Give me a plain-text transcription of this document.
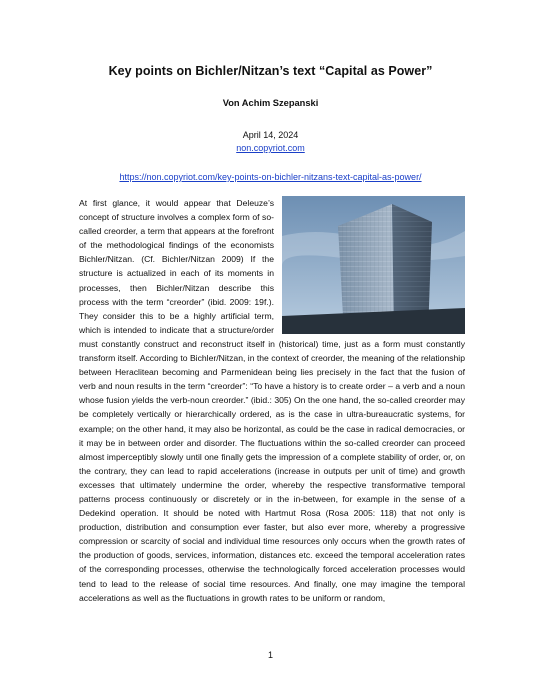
Key points on Bichler/Nitzan’s text “Capital as Power”
Von Achim Szepanski
April 14, 2024
non.copyriot.com
https://non.copyriot.com/key-points-on-bichler-nitzans-text-capital-as-power/

At first glance, it would appear that Deleuze’s concept of structure involves a complex form of so-called creorder, a term that appears at the forefront of the methodological findings of the economists Bichler/Nitzan. (Cf. Bichler/Nitzan 2009) If the structure is actualized in each of its moments in processes, then Bichler/Nitzan describe this process with the term “creorder” (ibid. 2009: 19f.). They consider this to be a highly artificial term, which is intended to indicate that a structure/order must constantly construct and reconstruct itself in (historical) time, just as a form must constantly transform itself. According to Bichler/Nitzan, in the context of creorder, the meaning of the relationship between Heraclitean becoming and Parmenidean being lies precisely in the fact that the fusion of verb and noun results in the term “creorder”: “To have a history is to create order – a verb and a noun whose fusion yields the verb-noun creorder.” (ibid.: 305) On the one hand, the so-called creorder may be completely vertically or hierarchically ordered, as is the case in ultra-bureaucratic systems, for example; on the other hand, it may also be horizontal, as could be the case in radical democracies, or it may be in between order and disorder. The fluctuations within the so-called creorder can proceed almost imperceptibly slowly until one finally gets the impression of a complete stability of order, or, on the contrary, they can lead to rapid accelerations (increase in outputs per unit of time) and growth excesses that ultimately undermine the order, whereby the respective transformative temporal patterns process continuously or discretely or in the in-between, for example in the sense of a Dedekind operation. It should be noted with Hartmut Rosa (Rosa 2005: 118) that not only is production, distribution and consumption ever faster, but also ever more, whereby a progressive compression or scarcity of social and individual time resources only occurs when the growth rates of the production of goods, services, information, distances etc. exceed the temporal acceleration rates of the corresponding processes, otherwise the technologically forced acceleration processes would tend to lead to the release of social time resources. And finally, one may imagine the temporal accelerations as well as the fluctuations in growth rates to be uniform or random,

1
